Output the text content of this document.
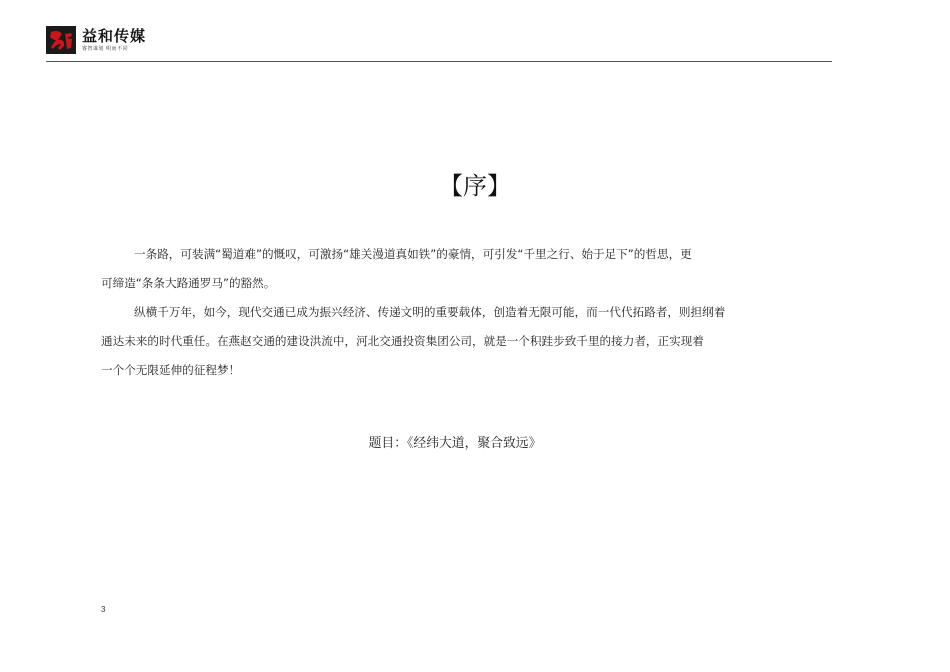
益和传媒
睿智谋划 明而不同
【序】

一条路，可装满“蜀道难”的慨叹，可激扬“雄关漫道真如铁”的豪情，可引发“千里之行、始于足下”的哲思，更
可缔造“条条大路通罗马”的豁然。

纵横千万年，如今，现代交通已成为振兴经济、传递文明的重要载体，创造着无限可能，而一代代拓路者，则担纲着
通达未来的时代重任。在燕赵交通的建设洪流中，河北交通投资集团公司，就是一个积跬步致千里的接力者，正实现着
一个个无限延伸的征程梦！

题目：《经纬大道，聚合致远》
3
